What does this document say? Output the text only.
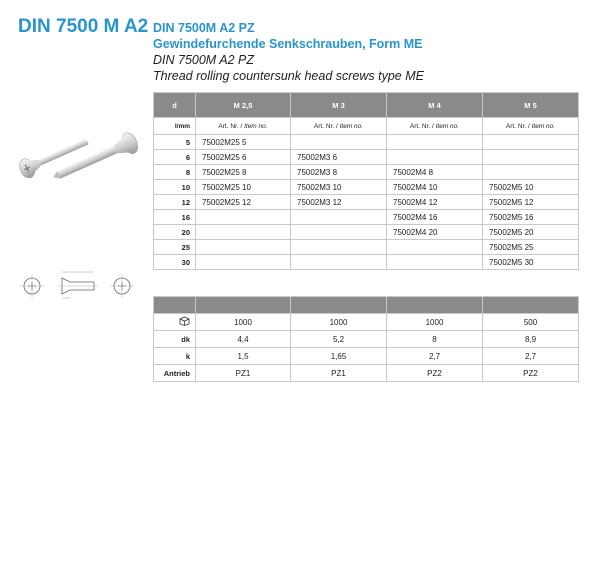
DIN 7500 M A2 DIN 7500M A2 PZ
Gewindefurchende Senkschrauben, Form ME
DIN 7500M A2 PZ
Thread rolling countersunk head screws type ME
d	M 2,5	M 3	M 4	M 5
l/mm	Art. Nr. / Item no.	Art. Nr. / Item no.	Art. Nr. / Item no.	Art. Nr. / Item no.
5	75002M25 5			
6	75002M25 6	75002M3 6		
8	75002M25 8	75002M3 8	75002M4 8	
10	75002M25 10	75002M3 10	75002M4 10	75002M5 10
12	75002M25 12	75002M3 12	75002M4 12	75002M5 12
16			75002M4 16	75002M5 16
20			75002M4 20	75002M5 20
25				75002M5 25
30				75002M5 30

	1000	1000	1000	500
dk	4,4	5,2	8	8,9
k	1,5	1,65	2,7	2,7
Antrieb	PZ1	PZ1	PZ2	PZ2
